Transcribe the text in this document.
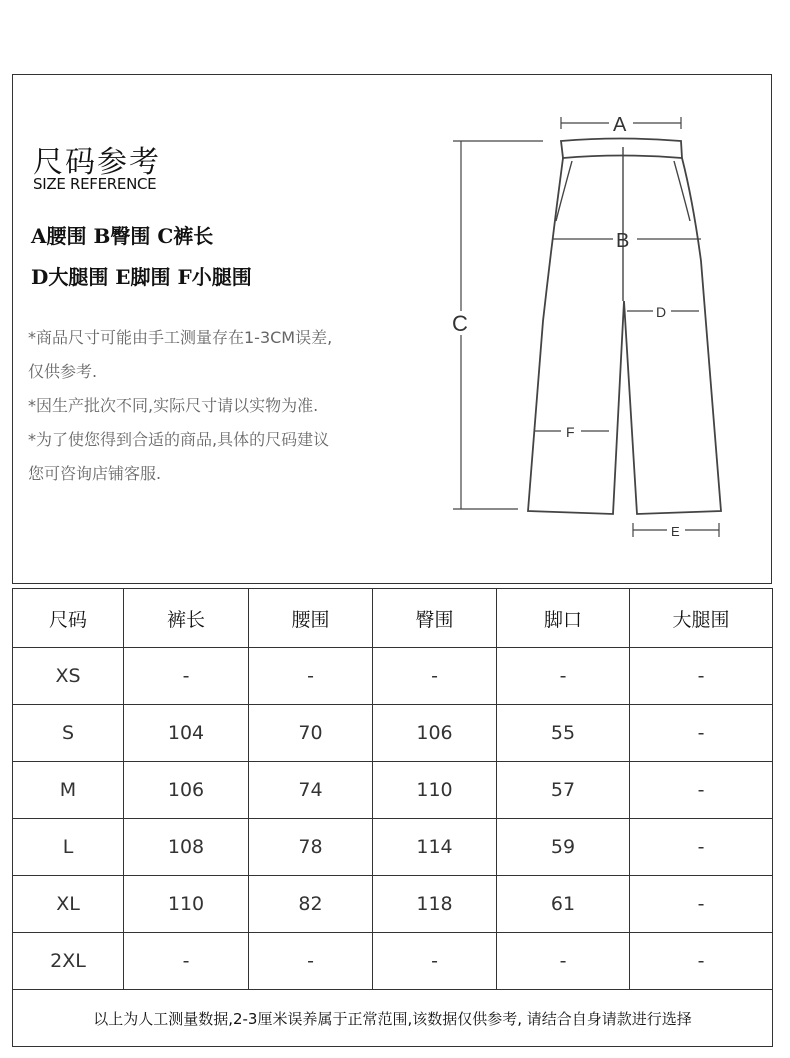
尺码参考
SIZE REFERENCE
A腰围 B臀围 C裤长
D大腿围 E脚围 F小腿围
*商品尺寸可能由手工测量存在1-3CM误差,
仅供参考.
*因生产批次不同,实际尺寸请以实物为准.
*为了使您得到合适的商品,具体的尺码建议
您可咨询店铺客服.
A
B
C	D
F
E
尺码	裤长	腰围	臀围	脚口	大腿围
XS	-	-	-	-	-
S	104	70	106	55	-
M	106	74	110	57	-
L	108	78	114	59	-
XL	110	82	118	61	-
2XL	-	-	-	-	-
以上为人工测量数据,2-3厘米误养属于正常范围,该数据仅供参考, 请结合自身请款进行选择					
